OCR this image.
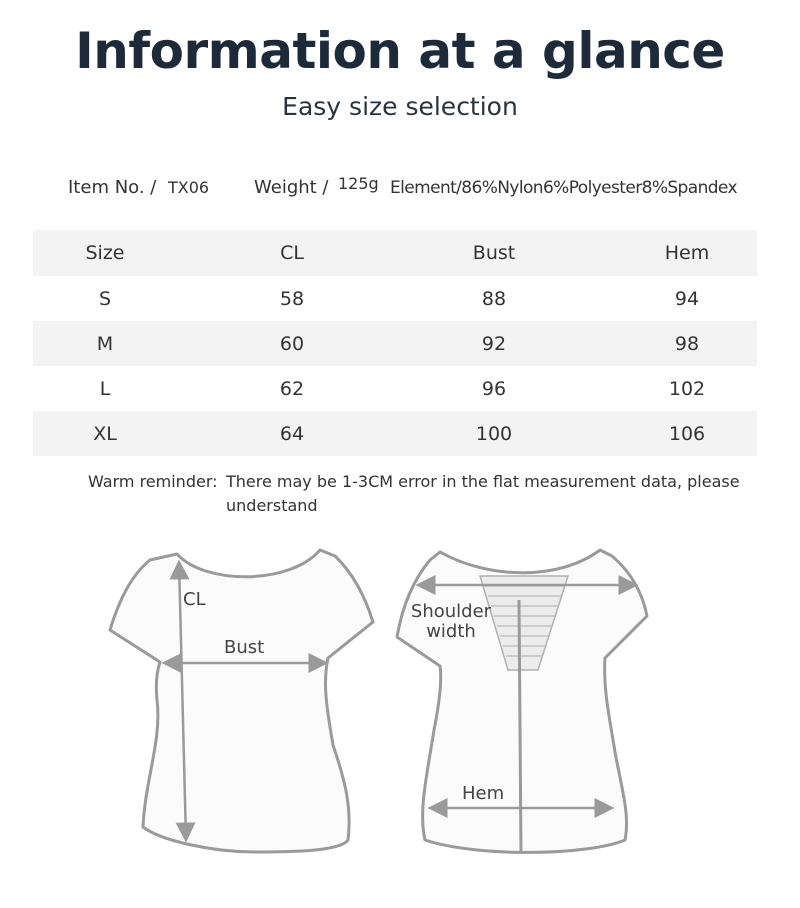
Information at a glance
Easy size selection
Item No. / TX06 Weight / 125g Element/86%Nylon6%Polyester8%Spandex
Size	CL	Bust	Hem
S	58	88	94
M	60	92	98
L	62	96	102
XL	64	100	106
Warm reminder: There may be 1-3CM error in the flat measurement data, please understand
CL
Bust
Shoulder
width
Hem
